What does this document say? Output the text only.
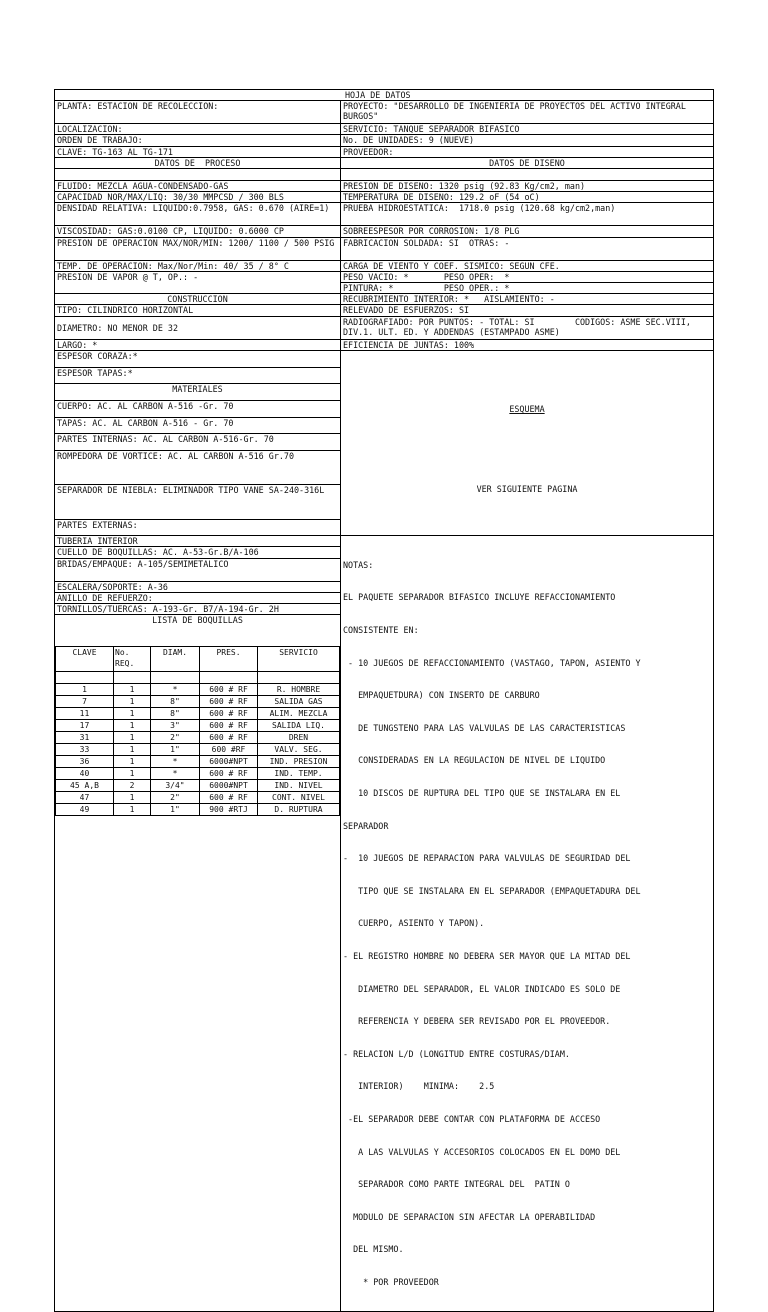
HOJA DE DATOS
PLANTA: ESTACION DE RECOLECCION:	PROYECTO: "DESARROLLO DE INGENIERIA DE PROYECTOS DEL ACTIVO INTEGRAL BURGOS"
LOCALIZACION:	SERVICIO: TANQUE SEPARADOR BIFASICO
ORDEN DE TRABAJO:	No. DE UNIDADES: 9 (NUEVE)
CLAVE: TG-163 AL TG-171	PROVEEDOR:
DATOS DE  PROCESO	DATOS DE DISENO

FLUIDO: MEZCLA AGUA-CONDENSADO-GAS	PRESION DE DISENO: 1320 psig (92.83 Kg/cm2, man)
CAPACIDAD NOR/MAX/LIQ: 30/30 MMPCSD / 300 BLS	TEMPERATURA DE DISENO: 129.2 oF (54 oC)
DENSIDAD RELATIVA: LIQUIDO:0.7958, GAS: 0.670 (AIRE=1)	PRUEBA HIDROESTATICA:  1718.0 psig (120.68 kg/cm2,man)
VISCOSIDAD: GAS:0.0100 CP, LIQUIDO: 0.6000 CP	SOBREESPESOR POR CORROSION: 1/8 PLG
PRESION DE OPERACION MAX/NOR/MIN: 1200/ 1100 / 500 PSIG	FABRICACION SOLDADA: SI  OTRAS: -
TEMP. DE OPERACION: Max/Nor/Min: 40/ 35 / 8° C	CARGA DE VIENTO Y COEF. SISMICO: SEGUN CFE.
PRESION DE VAPOR @ T, OP.: -	PESO VACIO: *       PESO OPER:  *
PINTURA: *          PESO OPER.: *
CONSTRUCCION	RECUBRIMIENTO INTERIOR: *   AISLAMIENTO: -
TIPO: CILINDRICO HORIZONTAL	RELEVADO DE ESFUERZOS: SI
DIAMETRO: NO MENOR DE 32	RADIOGRAFIADO: POR PUNTOS: - TOTAL: SI        CODIGOS: ASME SEC.VIII, DIV.1. ULT. ED. Y ADDENDAS (ESTAMPADO ASME)
LARGO: *	EFICIENCIA DE JUNTAS: 100%
ESPESOR CORAZA:*	

ESQUEMA

VER SIGUIENTE PAGINA

ESPESOR TAPAS:*
MATERIALES
CUERPO: AC. AL CARBON A-516 -Gr. 70
TAPAS: AC. AL CARBON A-516 - Gr. 70
PARTES INTERNAS: AC. AL CARBON A-516-Gr. 70
ROMPEDORA DE VORTICE: AC. AL CARBON A-516 Gr.70
SEPARADOR DE NIEBLA: ELIMINADOR TIPO VANE SA-240-316L
PARTES EXTERNAS:
TUBERIA INTERIOR	

NOTAS:

EL PAQUETE SEPARADOR BIFASICO INCLUYE REFACCIONAMIENTO

CONSISTENTE EN:

- 10 JUEGOS DE REFACCIONAMIENTO (VASTAGO, TAPON, ASIENTO Y

EMPAQUETDURA) CON INSERTO DE CARBURO

DE TUNGSTENO PARA LAS VALVULAS DE LAS CARACTERISTICAS

CONSIDERADAS EN LA REGULACION DE NIVEL DE LIQUIDO

10 DISCOS DE RUPTURA DEL TIPO QUE SE INSTALARA EN EL

SEPARADOR

-  10 JUEGOS DE REPARACION PARA VALVULAS DE SEGURIDAD DEL

TIPO QUE SE INSTALARA EN EL SEPARADOR (EMPAQUETADURA DEL

CUERPO, ASIENTO Y TAPON).

- EL REGISTRO HOMBRE NO DEBERA SER MAYOR QUE LA MITAD DEL

DIAMETRO DEL SEPARADOR, EL VALOR INDICADO ES SOLO DE

REFERENCIA Y DEBERA SER REVISADO POR EL PROVEEDOR.

- RELACION L/D (LONGITUD ENTRE COSTURAS/DIAM.

INTERIOR)    MINIMA:    2.5

-EL SEPARADOR DEBE CONTAR CON PLATAFORMA DE ACCESO

A LAS VALVULAS Y ACCESORIOS COLOCADOS EN EL DOMO DEL

SEPARADOR COMO PARTE INTEGRAL DEL  PATIN O

MODULO DE SEPARACION SIN AFECTAR LA OPERABILIDAD

DEL MISMO.

* POR PROVEEDOR

CUELLO DE BOQUILLAS: AC. A-53-Gr.B/A-106
BRIDAS/EMPAQUE: A-105/SEMIMETALICO
ESCALERA/SOPORTE: A-36
ANILLO DE REFUERZO:
TORNILLOS/TUERCAS: A-193-Gr. B7/A-194-Gr. 2H
LISTA DE BOQUILLAS

CLAVE	No. REQ.	DIAM.	PRES.	SERVICIO

1	1	*	600 # RF	R. HOMBRE
7	1	8"	600 # RF	SALIDA GAS
11	1	8"	600 # RF	ALIM. MEZCLA
17	1	3"	600 # RF	SALIDA LIQ.
31	1	2"	600 # RF	DREN
33	1	1"	600 #RF	VALV. SEG.
36	1	*	6000#NPT	IND. PRESION
40	1	*	600 # RF	IND. TEMP.
45 A,B	2	3/4"	6000#NPT	IND. NIVEL
47	1	2"	600 # RF	CONT. NIVEL
49	1	1"	900 #RTJ	D. RUPTURA
